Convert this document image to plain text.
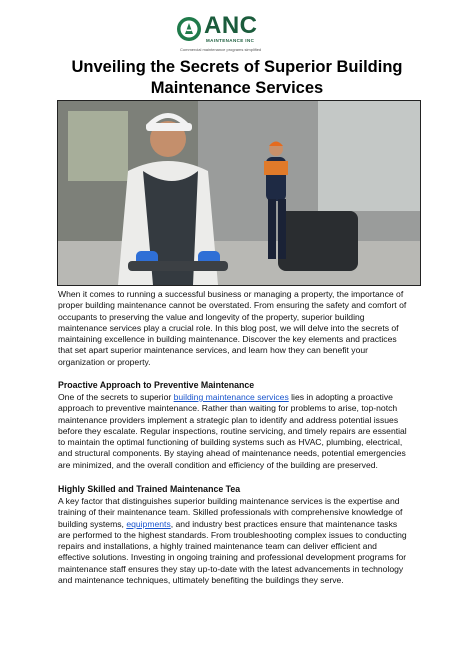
ANC
MAINTENANCE INC
Commercial maintenance programs simplified
Unveiling the Secrets of Superior Building
Maintenance Services
When it comes to running a successful business or managing a property, the importance of
proper building maintenance cannot be overstated. From ensuring the safety and comfort of
occupants to preserving the value and longevity of the property, superior building
maintenance services play a crucial role. In this blog post, we will delve into the secrets of
maintaining excellence in building maintenance. Discover the key elements and practices
that set apart superior maintenance services, and learn how they can benefit your
organization or property.
Proactive Approach to Preventive Maintenance
One of the secrets to superior building maintenance services lies in adopting a proactive
approach to preventive maintenance. Rather than waiting for problems to arise, top-notch
maintenance providers implement a strategic plan to identify and address potential issues
before they escalate. Regular inspections, routine servicing, and timely repairs are essential
to maintain the optimal functioning of building systems such as HVAC, plumbing, electrical,
and structural components. By staying ahead of maintenance needs, potential emergencies
are minimized, and the overall condition and efficiency of the building are preserved.
Highly Skilled and Trained Maintenance Tea
A key factor that distinguishes superior building maintenance services is the expertise and
training of their maintenance team. Skilled professionals with comprehensive knowledge of
building systems, equipments, and industry best practices ensure that maintenance tasks
are performed to the highest standards. From troubleshooting complex issues to conducting
repairs and installations, a highly trained maintenance team can deliver efficient and
effective solutions. Investing in ongoing training and professional development programs for
maintenance staff ensures they stay up-to-date with the latest advancements in technology
and maintenance techniques, ultimately benefiting the buildings they serve.
